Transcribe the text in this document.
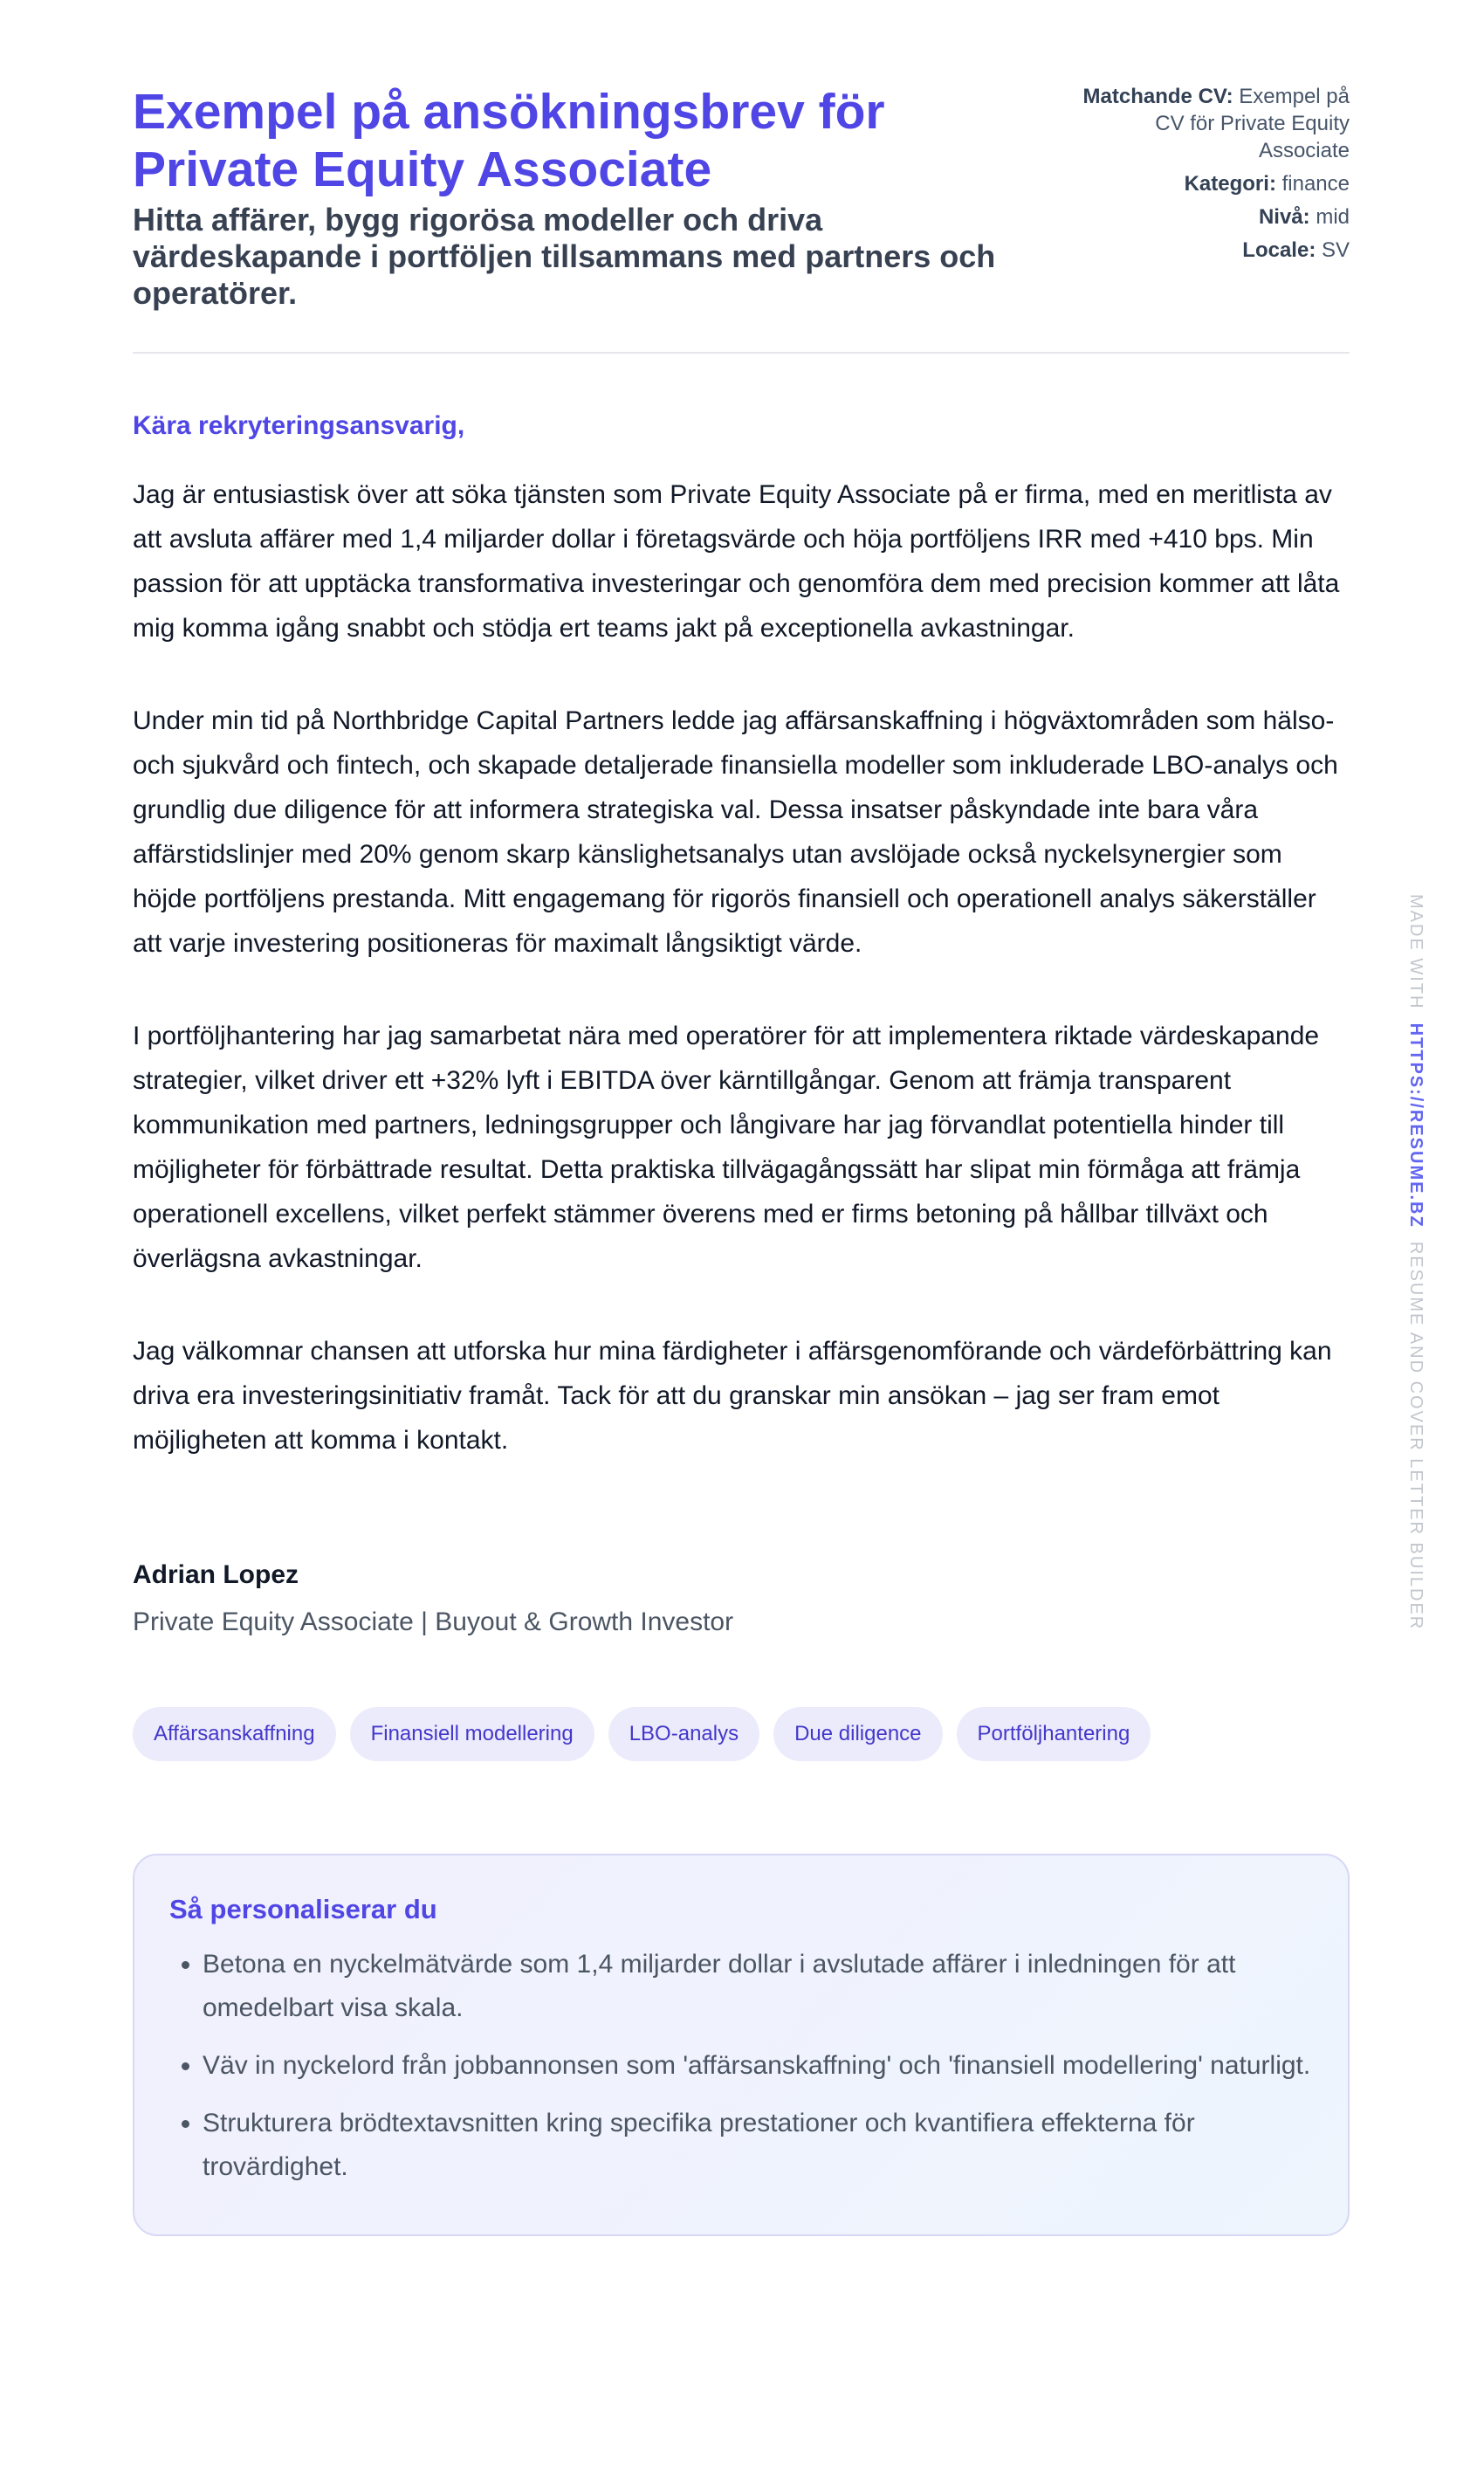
Exempel på ansökningsbrev för Private Equity Associate

Hitta affärer, bygg rigorösa modeller och driva värdeskapande i portföljen tillsammans med partners och operatörer.

Matchande CV: Exempel på CV för Private Equity Associate
Kategori: finance
Nivå: mid
Locale: SV
Kära rekryteringsansvarig,

Jag är entusiastisk över att söka tjänsten som Private Equity Associate på er firma, med en meritlista av att avsluta affärer med 1,4 miljarder dollar i företagsvärde och höja portföljens IRR med +410 bps. Min passion för att upptäcka transformativa investeringar och genomföra dem med precision kommer att låta mig komma igång snabbt och stödja ert teams jakt på exceptionella avkastningar.

Under min tid på Northbridge Capital Partners ledde jag affärsanskaffning i högväxtområden som hälso- och sjukvård och fintech, och skapade detaljerade finansiella modeller som inkluderade LBO-analys och grundlig due diligence för att informera strategiska val. Dessa insatser påskyndade inte bara våra affärstidslinjer med 20% genom skarp känslighetsanalys utan avslöjade också nyckelsynergier som höjde portföljens prestanda. Mitt engagemang för rigorös finansiell och operationell analys säkerställer att varje investering positioneras för maximalt långsiktigt värde.

I portföljhantering har jag samarbetat nära med operatörer för att implementera riktade värdeskapande strategier, vilket driver ett +32% lyft i EBITDA över kärntillgångar. Genom att främja transparent kommunikation med partners, ledningsgrupper och långivare har jag förvandlat potentiella hinder till möjligheter för förbättrade resultat. Detta praktiska tillvägagångssätt har slipat min förmåga att främja operationell excellens, vilket perfekt stämmer överens med er firms betoning på hållbar tillväxt och överlägsna avkastningar.

Jag välkomnar chansen att utforska hur mina färdigheter i affärsgenomförande och värdeförbättring kan driva era investeringsinitiativ framåt. Tack för att du granskar min ansökan – jag ser fram emot möjligheten att komma i kontakt.

Adrian Lopez
Private Equity Associate | Buyout & Growth Investor
Affärsanskaffning	Finansiell modellering	LBO-analys	Due diligence	Portföljhantering
Så personaliserar du
• Betona en nyckelmätvärde som 1,4 miljarder dollar i avslutade affärer i inledningen för att omedelbart visa skala.
• Väv in nyckelord från jobbannonsen som 'affärsanskaffning' och 'finansiell modellering' naturligt.
• Strukturera brödtextavsnitten kring specifika prestationer och kvantifiera effekterna för trovärdighet.
MADE WITH  HTTPS://RESUME.BZ  RESUME AND COVER LETTER BUILDER
